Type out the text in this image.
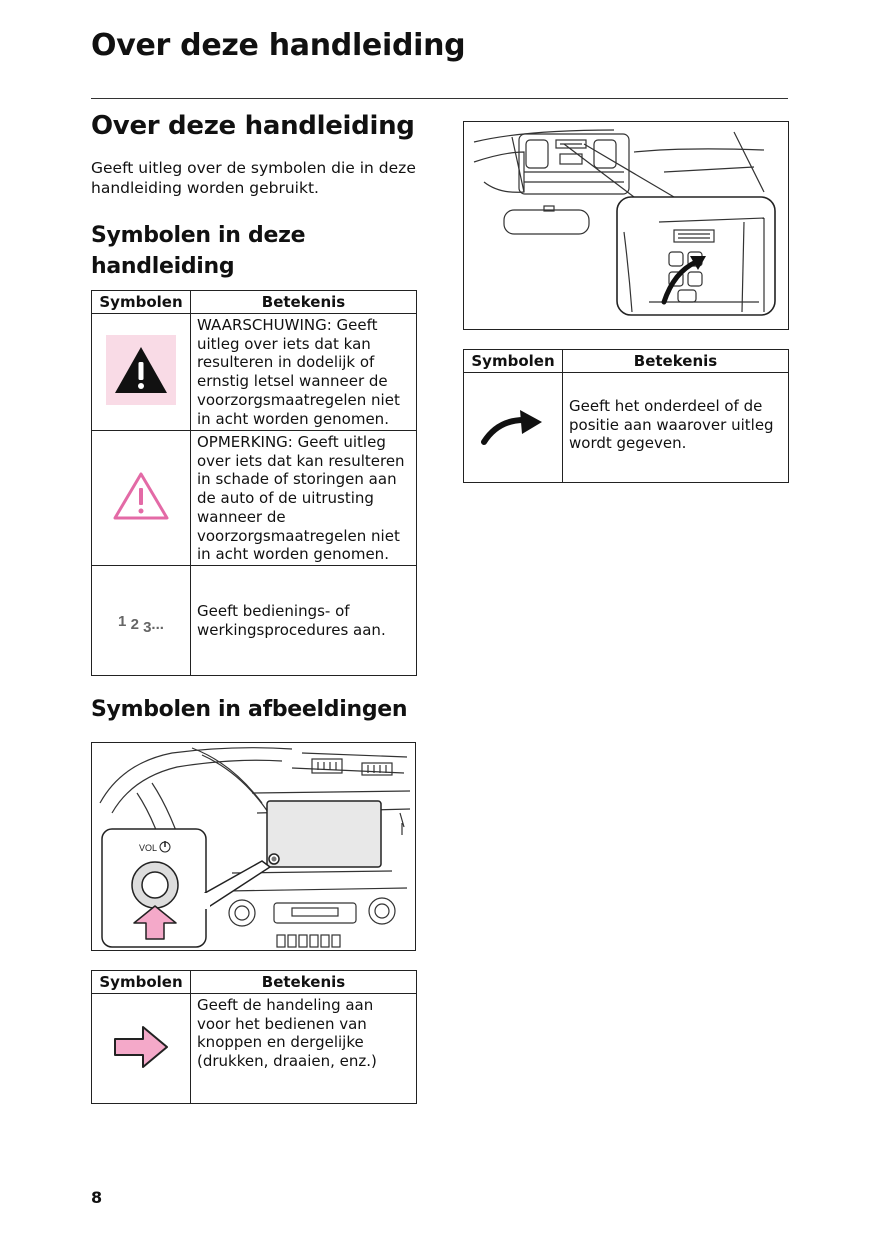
Over deze handleiding
Over deze handleiding
Geeft uitleg over de symbolen die in deze handleiding worden gebruikt.
Symbolen in deze
handleiding
Symbolen	Betekenis
	WAARSCHUWING: Geeft uitleg over iets dat kan resulteren in dodelijk of ernstig letsel wanneer de voorzorgsmaatregelen niet in acht worden genomen.
	OPMERKING: Geeft uitleg over iets dat kan resulteren in schade of storingen aan de auto of de uitrusting wanneer de voorzorgsmaatregelen niet in acht worden genomen.
1 2 3...	Geeft bedienings- of werkingsprocedures aan.
Symbolen in afbeeldingen
VOL
Symbolen	Betekenis
	Geeft de handeling aan voor het bedienen van knoppen en dergelijke (drukken, draaien, enz.)
Symbolen	Betekenis
	Geeft het onderdeel of de positie aan waarover uitleg wordt gegeven.
8
